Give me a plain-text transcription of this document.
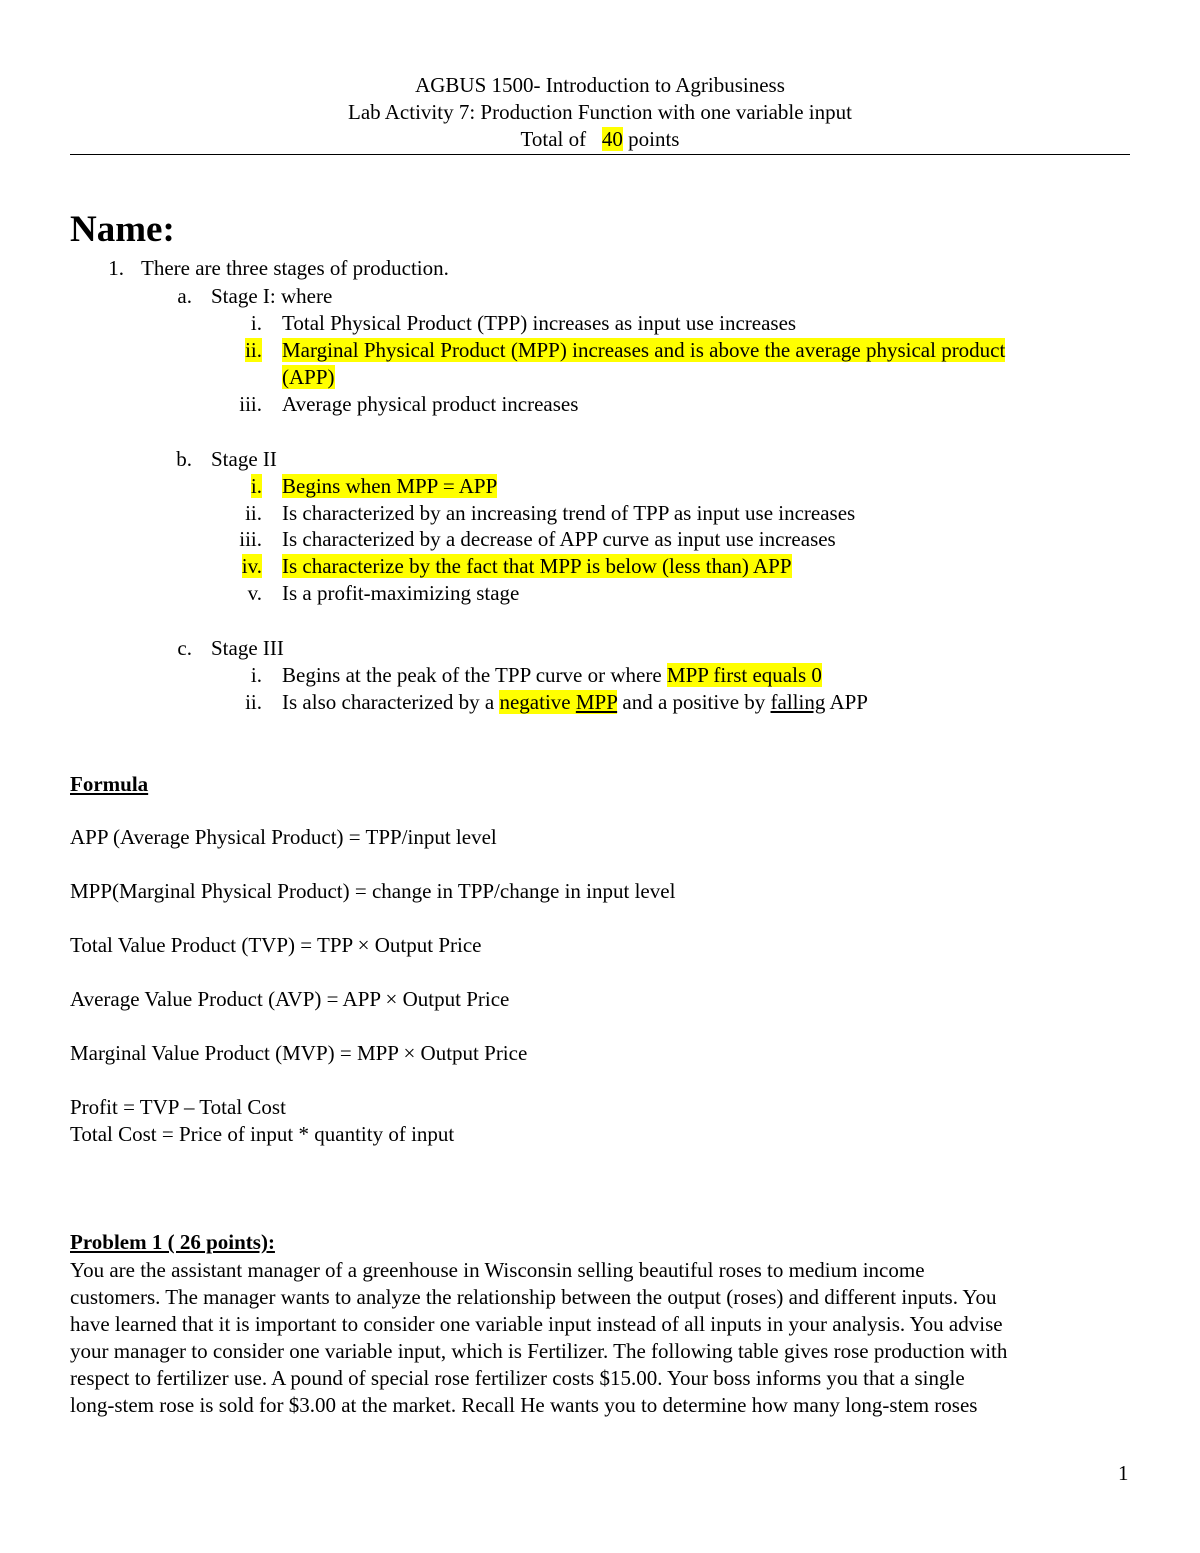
AGBUS 1500- Introduction to Agribusiness
Lab Activity 7: Production Function with one variable input
Total of 40 points
Name:
1. There are three stages of production.
a. Stage I: where
i. Total Physical Product (TPP) increases as input use increases
ii. Marginal Physical Product (MPP) increases and is above the average physical product
(APP)
iii. Average physical product increases
b. Stage II
i. Begins when MPP = APP
ii. Is characterized by an increasing trend of TPP as input use increases
iii. Is characterized by a decrease of APP curve as input use increases
iv. Is characterize by the fact that MPP is below (less than) APP
v. Is a profit-maximizing stage
c. Stage III
i. Begins at the peak of the TPP curve or where MPP first equals 0
ii. Is also characterized by a negative MPP and a positive by falling APP
Formula
APP (Average Physical Product) = TPP/input level
MPP(Marginal Physical Product) = change in TPP/change in input level
Total Value Product (TVP) = TPP × Output Price
Average Value Product (AVP) = APP × Output Price
Marginal Value Product (MVP) = MPP × Output Price
Profit = TVP – Total Cost
Total Cost = Price of input * quantity of input
Problem 1 ( 26 points):
You are the assistant manager of a greenhouse in Wisconsin selling beautiful roses to medium income
customers. The manager wants to analyze the relationship between the output (roses) and different inputs. You
have learned that it is important to consider one variable input instead of all inputs in your analysis. You advise
your manager to consider one variable input, which is Fertilizer. The following table gives rose production with
respect to fertilizer use. A pound of special rose fertilizer costs $15.00. Your boss informs you that a single
long-stem rose is sold for $3.00 at the market. Recall He wants you to determine how many long-stem roses
1
